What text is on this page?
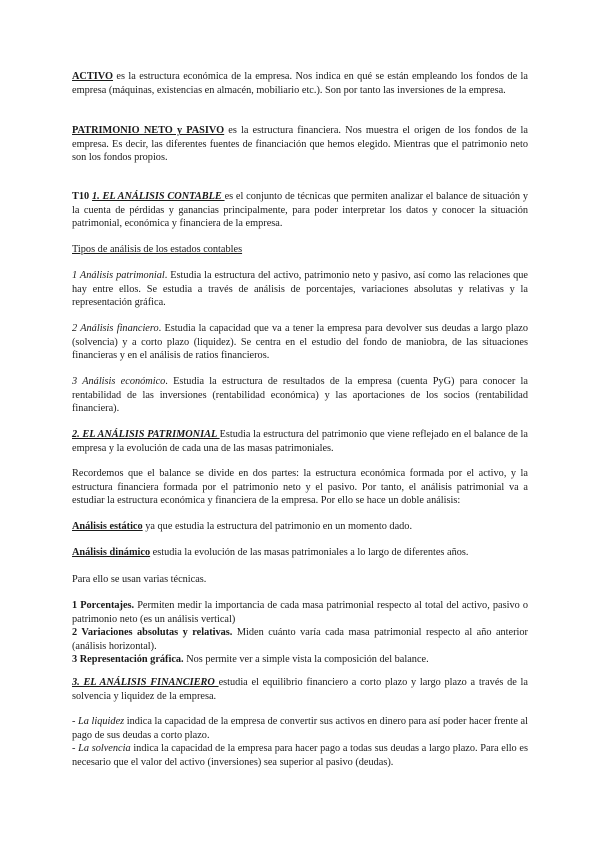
ACTIVO es la estructura económica de la empresa. Nos indica en qué se están empleando los fondos de la empresa (máquinas, existencias en almacén, mobiliario etc.). Son por tanto las inversiones de la empresa.

PATRIMONIO NETO y PASIVO es la estructura financiera. Nos muestra el origen de los fondos de la empresa. Es decir, las diferentes fuentes de financiación que hemos elegido. Mientras que el patrimonio neto son los fondos propios.

T10 1. EL ANÁLISIS CONTABLE es el conjunto de técnicas que permiten analizar el balance de situación y la cuenta de pérdidas y ganancias principalmente, para poder interpretar los datos y conocer la situación patrimonial, económica y financiera de la empresa.

Tipos de análisis de los estados contables

1 Análisis patrimonial. Estudia la estructura del activo, patrimonio neto y pasivo, así como las relaciones que hay entre ellos. Se estudia a través de análisis de porcentajes, variaciones absolutas y relativas y la representación gráfica.

2 Análisis financiero. Estudia la capacidad que va a tener la empresa para devolver sus deudas a largo plazo (solvencia) y a corto plazo (liquidez). Se centra en el estudio del fondo de maniobra, de las situaciones financieras y en el análisis de ratios financieros.

3 Análisis económico. Estudia la estructura de resultados de la empresa (cuenta PyG) para conocer la rentabilidad de las inversiones (rentabilidad económica) y las aportaciones de los socios (rentabilidad financiera).

2. EL ANÁLISIS PATRIMONIAL Estudia la estructura del patrimonio que viene reflejado en el balance de la empresa y la evolución de cada una de las masas patrimoniales.

Recordemos que el balance se divide en dos partes: la estructura económica formada por el activo, y la estructura financiera formada por el patrimonio neto y el pasivo. Por tanto, el análisis patrimonial va a estudiar la estructura económica y financiera de la empresa. Por ello se hace un doble análisis:

Análisis estático ya que estudia la estructura del patrimonio en un momento dado.

Análisis dinámico estudia la evolución de las masas patrimoniales a lo largo de diferentes años.

Para ello se usan varias técnicas.

1 Porcentajes. Permiten medir la importancia de cada masa patrimonial respecto al total del activo, pasivo o patrimonio neto (es un análisis vertical)
2 Variaciones absolutas y relativas. Miden cuánto varía cada masa patrimonial respecto al año anterior (análisis horizontal).
3 Representación gráfica. Nos permite ver a simple vista la composición del balance.

3. EL ANÁLISIS FINANCIERO estudia el equilibrio financiero a corto plazo y largo plazo a través de la solvencia y liquidez de la empresa.

- La liquidez indica la capacidad de la empresa de convertir sus activos en dinero para así poder hacer frente al pago de sus deudas a corto plazo.
- La solvencia indica la capacidad de la empresa para hacer pago a todas sus deudas a largo plazo. Para ello es necesario que el valor del activo (inversiones) sea superior al pasivo (deudas).
